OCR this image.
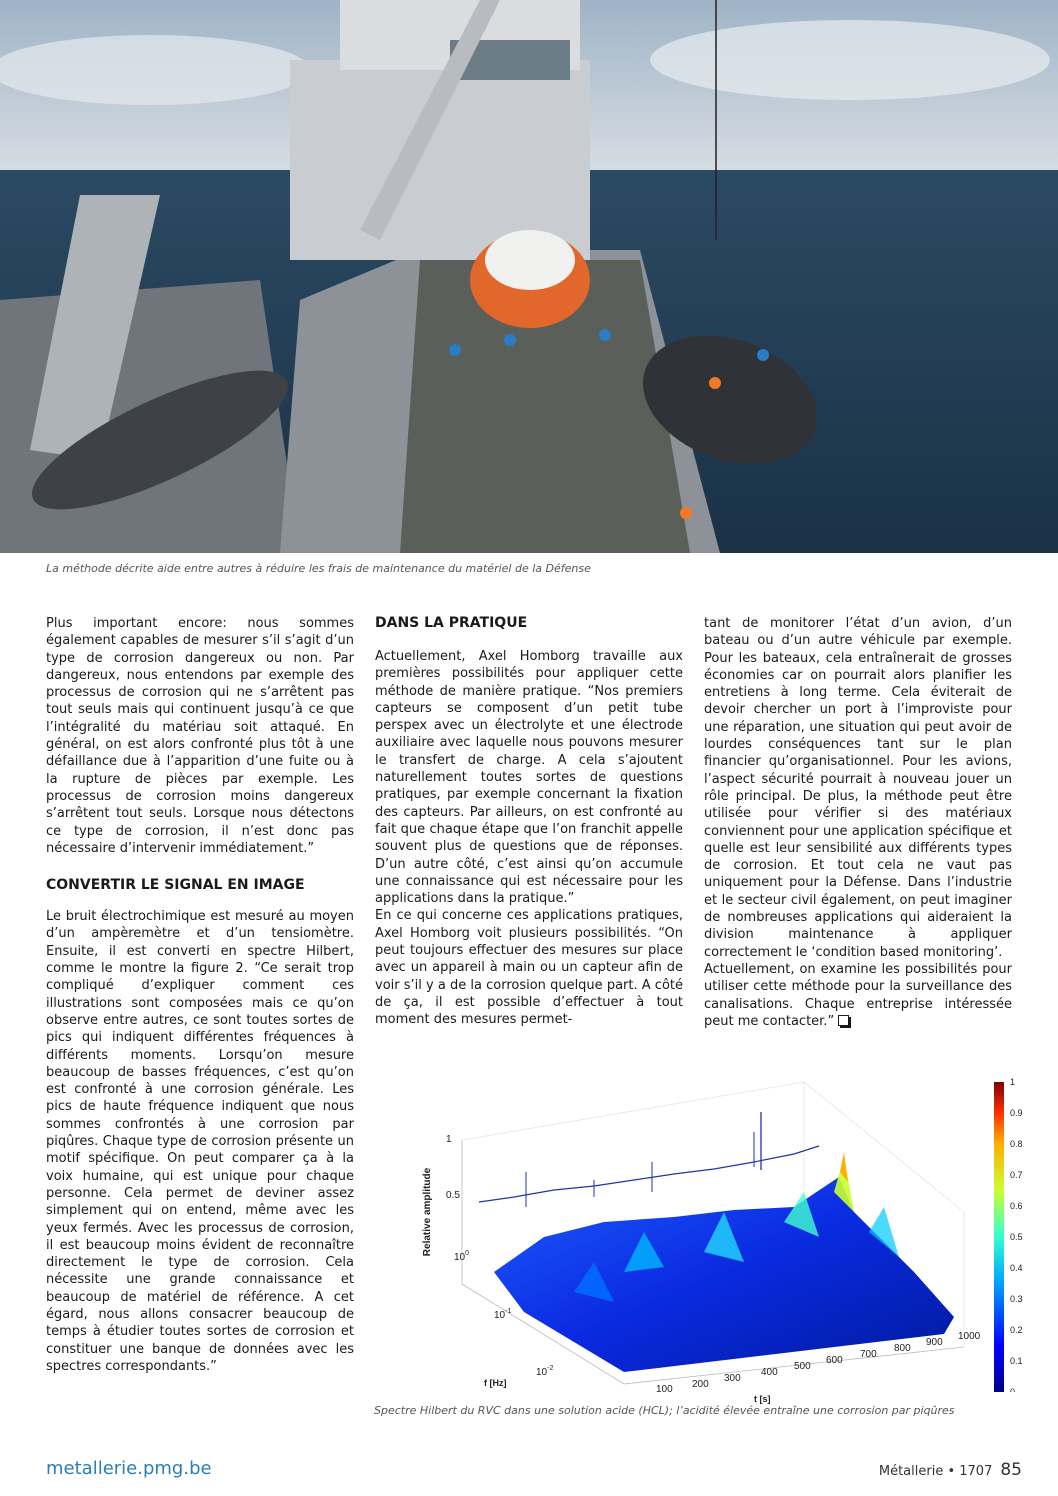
La méthode décrite aide entre autres à réduire les frais de maintenance du matériel de la Défense

Plus important encore: nous sommes également capables de mesurer s’il s’agit d’un type de corrosion dangereux ou non. Par dangereux, nous entendons par exemple des processus de corrosion qui ne s’arrêtent pas tout seuls mais qui continuent jusqu’à ce que l’intégralité du matériau soit attaqué. En général, on est alors confronté plus tôt à une défaillance due à l’apparition d’une fuite ou à la rupture de pièces par exemple. Les processus de corrosion moins dangereux s’arrêtent tout seuls. Lorsque nous détectons ce type de corrosion, il n’est donc pas nécessaire d’intervenir immédiatement.”

CONVERTIR LE SIGNAL EN IMAGE

Le bruit électrochimique est mesuré au moyen d’un ampèremètre et d’un tensiomètre. Ensuite, il est converti en spectre Hilbert, comme le montre la figure 2. “Ce serait trop compliqué d’expliquer comment ces illustrations sont composées mais ce qu’on observe entre autres, ce sont toutes sortes de pics qui indiquent différentes fréquences à différents moments. Lorsqu’on mesure beaucoup de basses fréquences, c’est qu’on est confronté à une corrosion générale. Les pics de haute fréquence indiquent que nous sommes confrontés à une corrosion par piqûres. Chaque type de corrosion présente un motif spécifique. On peut comparer ça à la voix humaine, qui est unique pour chaque personne. Cela permet de deviner assez simplement qui on entend, même avec les yeux fermés. Avec les processus de corrosion, il est beaucoup moins évident de reconnaître directement le type de corrosion. Cela nécessite une grande connaissance et beaucoup de matériel de référence. A cet égard, nous allons consacrer beaucoup de temps à étudier toutes sortes de corrosion et constituer une banque de données avec les spectres correspondants.”

DANS LA PRATIQUE

Actuellement, Axel Homborg travaille aux premières possibilités pour appliquer cette méthode de manière pratique. “Nos premiers capteurs se composent d’un petit tube perspex avec un électrolyte et une électrode auxiliaire avec laquelle nous pouvons mesurer le transfert de charge. A cela s’ajoutent naturellement toutes sortes de questions pratiques, par exemple concernant la fixation des capteurs. Par ailleurs, on est confronté au fait que chaque étape que l’on franchit appelle souvent plus de questions que de réponses. D’un autre côté, c’est ainsi qu’on accumule une connaissance qui est nécessaire pour les applications dans la pratique.”

En ce qui concerne ces applications pratiques, Axel Homborg voit plusieurs possibilités. “On peut toujours effectuer des mesures sur place avec un appareil à main ou un capteur afin de voir s’il y a de la corrosion quelque part. A côté de ça, il est possible d’effectuer à tout moment des mesures permet-

tant de monitorer l’état d’un avion, d’un bateau ou d’un autre véhicule par exemple. Pour les bateaux, cela entraînerait de grosses économies car on pourrait alors planifier les entretiens à long terme. Cela éviterait de devoir chercher un port à l’improviste pour une réparation, une situation qui peut avoir de lourdes conséquences tant sur le plan financier qu’organisationnel. Pour les avions, l’aspect sécurité pourrait à nouveau jouer un rôle principal. De plus, la méthode peut être utilisée pour vérifier si des matériaux conviennent pour une application spécifique et quelle est leur sensibilité aux différents types de corrosion. Et tout cela ne vaut pas uniquement pour la Défense. Dans l’industrie et le secteur civil également, on peut imaginer de nombreuses applications qui aideraient la division maintenance à appliquer correctement le ‘condition based monitoring’.

Actuellement, on examine les possibilités pour utiliser cette méthode pour la surveillance des canalisations. Chaque entreprise intéressée peut me contacter.”

1
0.9
0.8
0.7
0.6
0.5
0.4
0.3
0.2
0.1
0
Relative amplitude
1
0.5
$10^0$
$10^{-1}$
$10^{-2}$
f [Hz]
100 200
300
400
500
600
700
800
900
1000
t [s]
Spectre Hilbert du RVC dans une solution acide (HCL); l’acidité élevée entraîne une corrosion par piqûres
metallerie.pmg.be	Métallerie • 1707 85
